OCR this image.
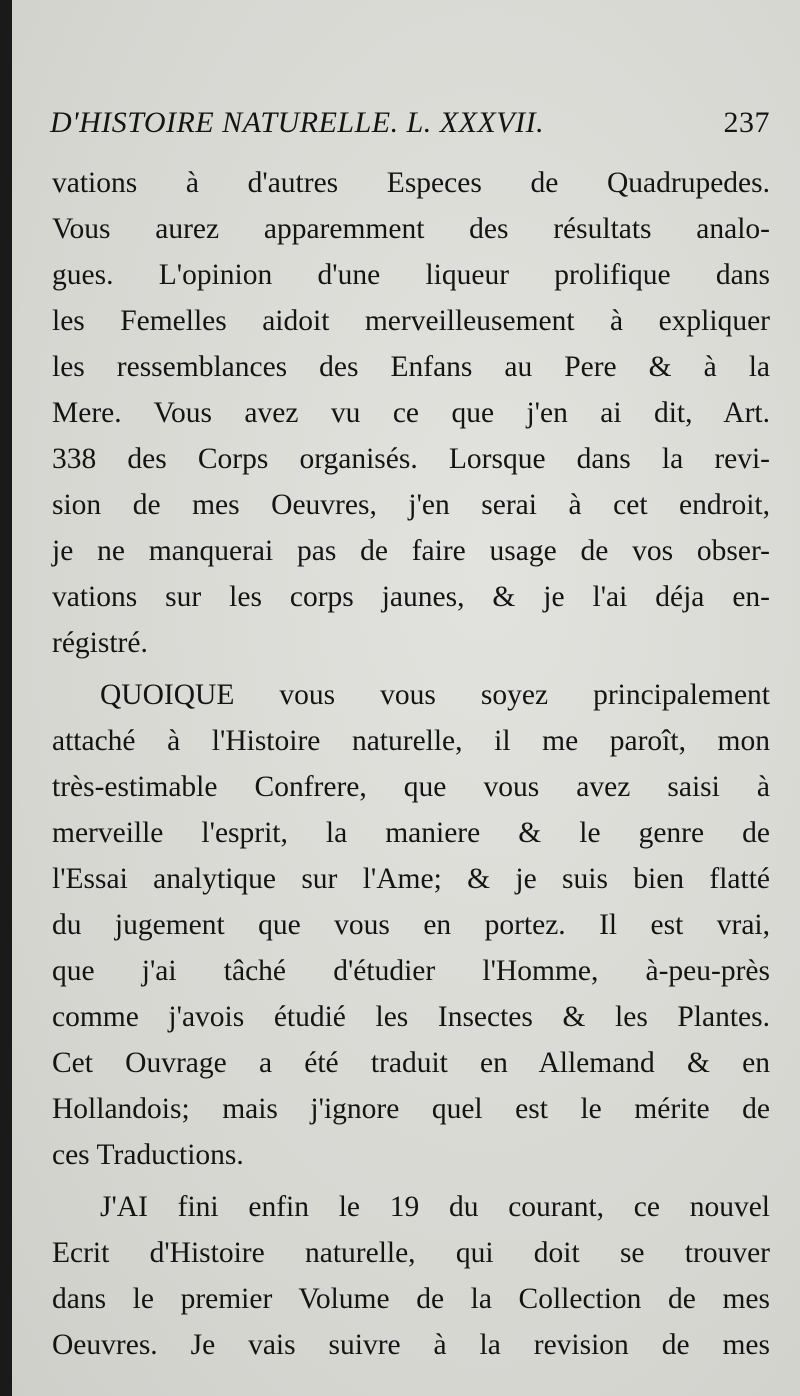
D'HISTOIRE NATURELLE. L. XXXVII.	237
vations à d'autres Especes de Quadrupedes.
Vous aurez apparemment des résultats analo-
gues. L'opinion d'une liqueur prolifique dans
les Femelles aidoit merveilleusement à expliquer
les ressemblances des Enfans au Pere & à la
Mere. Vous avez vu ce que j'en ai dit, Art.
338 des Corps organisés. Lorsque dans la revi-
sion de mes Oeuvres, j'en serai à cet endroit,
je ne manquerai pas de faire usage de vos obser-
vations sur les corps jaunes, & je l'ai déja en-
régistré.
QUOIQUE vous vous soyez principalement
attaché à l'Histoire naturelle, il me paroît, mon
très-estimable Confrere, que vous avez saisi à
merveille l'esprit, la maniere & le genre de
l'Essai analytique sur l'Ame; & je suis bien flatté
du jugement que vous en portez. Il est vrai,
que j'ai tâché d'étudier l'Homme, à-peu-près
comme j'avois étudié les Insectes & les Plantes.
Cet Ouvrage a été traduit en Allemand & en
Hollandois; mais j'ignore quel est le mérite de
ces Traductions.
J'AI fini enfin le 19 du courant, ce nouvel
Ecrit d'Histoire naturelle, qui doit se trouver
dans le premier Volume de la Collection de mes
Oeuvres. Je vais suivre à la revision de mes
